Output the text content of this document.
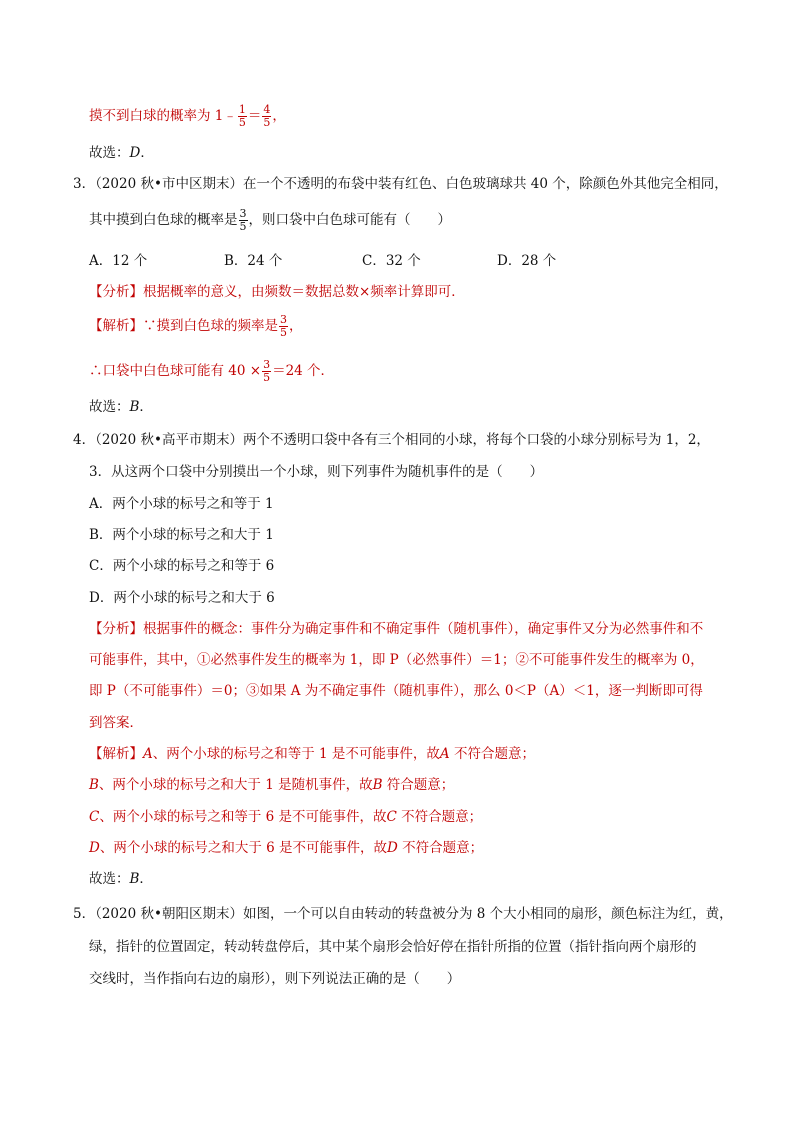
摸不到白球的概率为 1﹣ $\frac{1}{5} = \frac{4}{5}$ ，
故选：D．
3．（2020 秋•市中区期末）在一个不透明的布袋中装有红色、白色玻璃球共 40 个，除颜色外其他完全相同，
其中摸到白色球的概率是 $\frac{3}{5}$ ，则口袋中白色球可能有（　　）
A．12 个	B．24 个	C．32 个	D．28 个
【分析】根据概率的意义，由频数＝数据总数×频率计算即可．
【解析】∵摸到白色球的频率是 $\frac{3}{5}$ ，
∴口袋中白色球可能有 $40 \times \frac{3}{5} =24$ 个．
故选：B．
4．（2020 秋•高平市期末）两个不透明口袋中各有三个相同的小球，将每个口袋的小球分别标号为 1，2，
3．从这两个口袋中分别摸出一个小球，则下列事件为随机事件的是（　　）
A．两个小球的标号之和等于 1
B．两个小球的标号之和大于 1
C．两个小球的标号之和等于 6
D．两个小球的标号之和大于 6
【分析】根据事件的概念：事件分为确定事件和不确定事件（随机事件），确定事件又分为必然事件和不
可能事件，其中，①必然事件发生的概率为 1，即 P（必然事件）＝1；②不可能事件发生的概率为 0，
即 P（不可能事件）＝0；③如果 A 为不确定事件（随机事件），那么 0＜P（A）＜1，逐一判断即可得
到答案．
【解析】A、两个小球的标号之和等于 1 是不可能事件，故A 不符合题意；
B、两个小球的标号之和大于 1 是随机事件，故B 符合题意；
C、两个小球的标号之和等于 6 是不可能事件，故C 不符合题意；
D、两个小球的标号之和大于 6 是不可能事件，故D 不符合题意；
故选：B．
5．（2020 秋•朝阳区期末）如图，一个可以自由转动的转盘被分为 8 个大小相同的扇形，颜色标注为红，黄，
绿，指针的位置固定，转动转盘停后，其中某个扇形会恰好停在指针所指的位置（指针指向两个扇形的
交线时，当作指向右边的扇形），则下列说法正确的是（　　）
